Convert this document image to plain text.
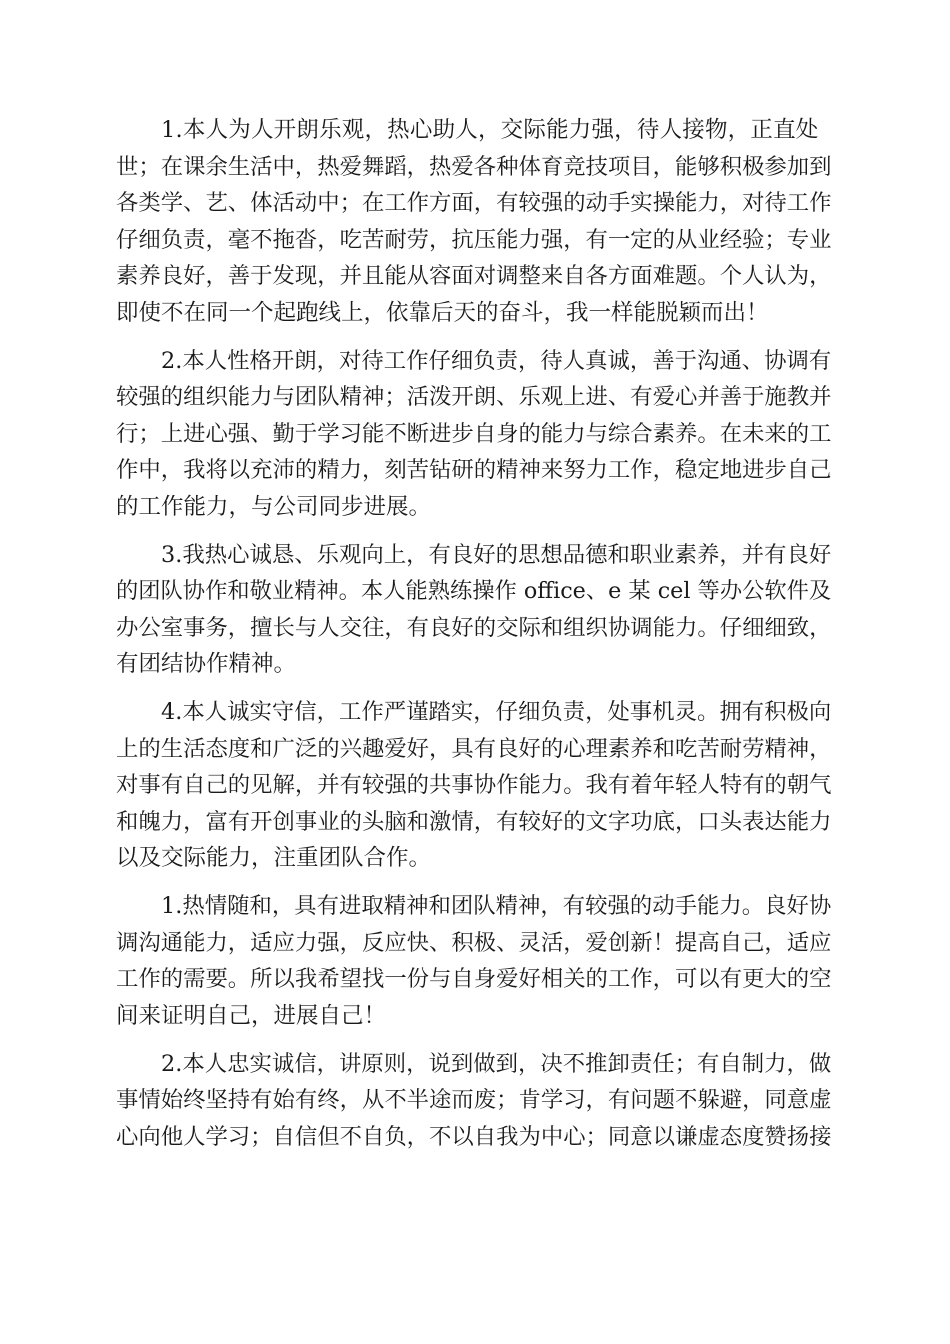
1.本人为人开朗乐观，热心助人，交际能力强，待人接物，正直处
世；在课余生活中，热爱舞蹈，热爱各种体育竞技项目，能够积极参加到
各类学、艺、体活动中；在工作方面，有较强的动手实操能力，对待工作
仔细负责，毫不拖沓，吃苦耐劳，抗压能力强，有一定的从业经验；专业
素养良好，善于发现，并且能从容面对调整来自各方面难题。个人认为，
即使不在同一个起跑线上，依靠后天的奋斗，我一样能脱颖而出！
2.本人性格开朗，对待工作仔细负责，待人真诚，善于沟通、协调有
较强的组织能力与团队精神；活泼开朗、乐观上进、有爱心并善于施教并
行；上进心强、勤于学习能不断进步自身的能力与综合素养。在未来的工
作中，我将以充沛的精力，刻苦钻研的精神来努力工作，稳定地进步自己
的工作能力，与公司同步进展。
3.我热心诚恳、乐观向上，有良好的思想品德和职业素养，并有良好
的团队协作和敬业精神。本人能熟练操作 office、e 某 cel 等办公软件及
办公室事务，擅长与人交往，有良好的交际和组织协调能力。仔细细致，
有团结协作精神。
4.本人诚实守信，工作严谨踏实，仔细负责，处事机灵。拥有积极向
上的生活态度和广泛的兴趣爱好，具有良好的心理素养和吃苦耐劳精神，
对事有自己的见解，并有较强的共事协作能力。我有着年轻人特有的朝气
和魄力，富有开创事业的头脑和激情，有较好的文字功底，口头表达能力
以及交际能力，注重团队合作。
1.热情随和，具有进取精神和团队精神，有较强的动手能力。良好协
调沟通能力，适应力强，反应快、积极、灵活，爱创新！提高自己，适应
工作的需要。所以我希望找一份与自身爱好相关的工作，可以有更大的空
间来证明自己，进展自己！
2.本人忠实诚信，讲原则，说到做到，决不推卸责任；有自制力，做
事情始终坚持有始有终，从不半途而废；肯学习，有问题不躲避，同意虚
心向他人学习；自信但不自负，不以自我为中心；同意以谦虚态度赞扬接
